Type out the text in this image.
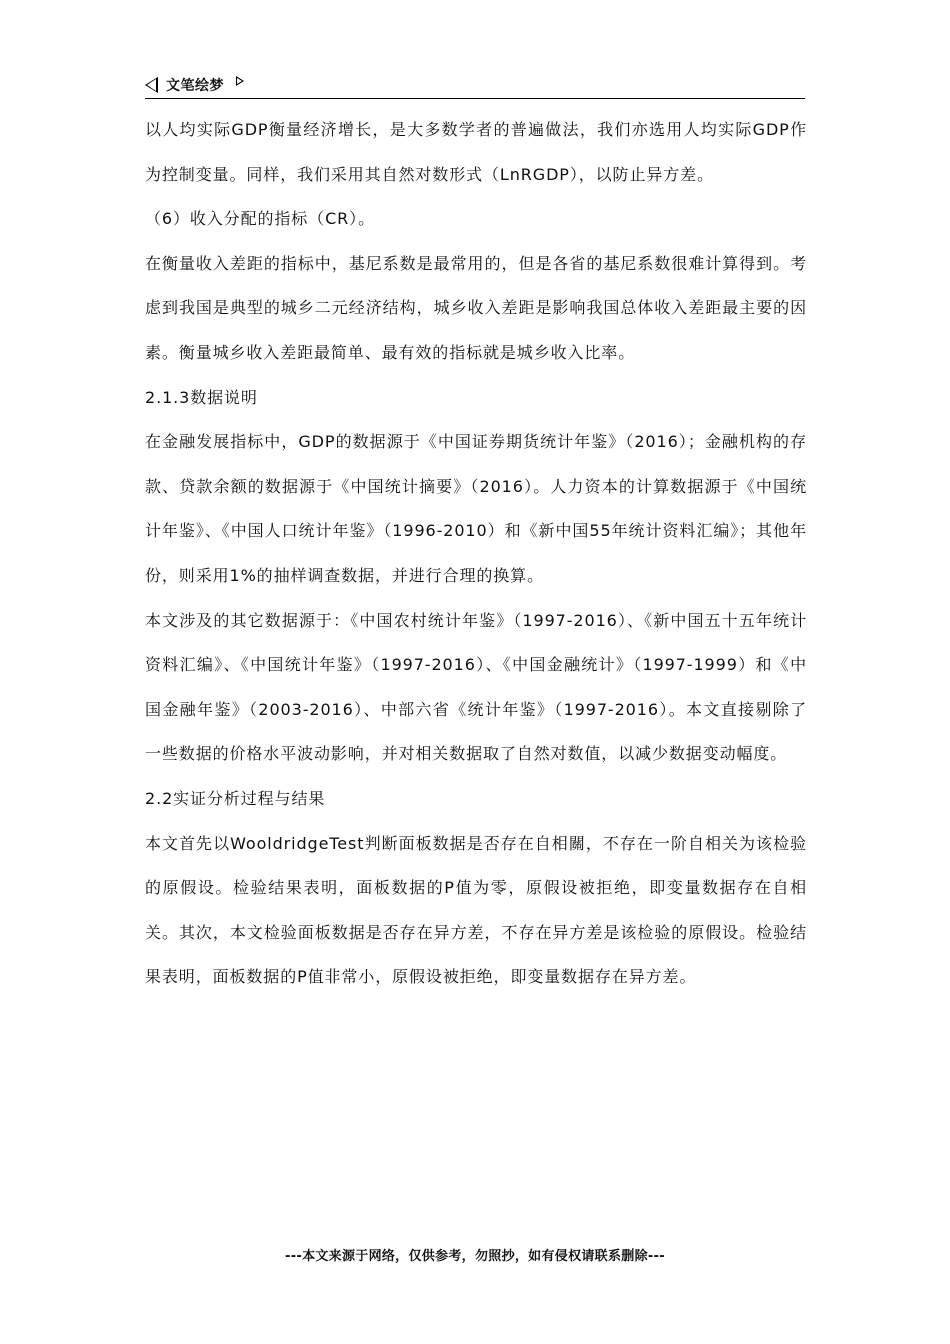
文笔绘梦

以人均实际GDP衡量经济增长，是大多数学者的普遍做法，我们亦选用人均实际GDP作为控制变量。同样，我们采用其自然对数形式（LnRGDP），以防止异方差。

（6）收入分配的指标（CR）。

在衡量收入差距的指标中，基尼系数是最常用的，但是各省的基尼系数很难计算得到。考虑到我国是典型的城乡二元经济结构，城乡收入差距是影响我国总体收入差距最主要的因素。衡量城乡收入差距最简单、最有效的指标就是城乡收入比率。

2.1.3数据说明

在金融发展指标中，GDP的数据源于《中国证券期货统计年鉴》（2016）；金融机构的存款、贷款余额的数据源于《中国统计摘要》（2016）。人力资本的计算数据源于《中国统计年鉴》、《中国人口统计年鉴》（1996-2010）和《新中国55年统计资料汇编》；其他年份，则采用1%的抽样调查数据，并进行合理的换算。

本文涉及的其它数据源于：《中国农村统计年鉴》（1997-2016）、《新中国五十五年统计资料汇编》、《中国统计年鉴》（1997-2016）、《中国金融统计》（1997-1999）和《中国金融年鉴》（2003-2016）、中部六省《统计年鉴》（1997-2016）。本文直接剔除了一些数据的价格水平波动影响，并对相关数据取了自然对数值，以减少数据变动幅度。

2.2实证分析过程与结果

本文首先以WooldridgeTest判断面板数据是否存在自相關，不存在一阶自相关为该检验的原假设。检验结果表明，面板数据的P值为零，原假设被拒绝，即变量数据存在自相关。其次，本文检验面板数据是否存在异方差，不存在异方差是该检验的原假设。检验结果表明，面板数据的P值非常小，原假设被拒绝，即变量数据存在异方差。

---本文来源于网络，仅供参考，勿照抄，如有侵权请联系删除---
